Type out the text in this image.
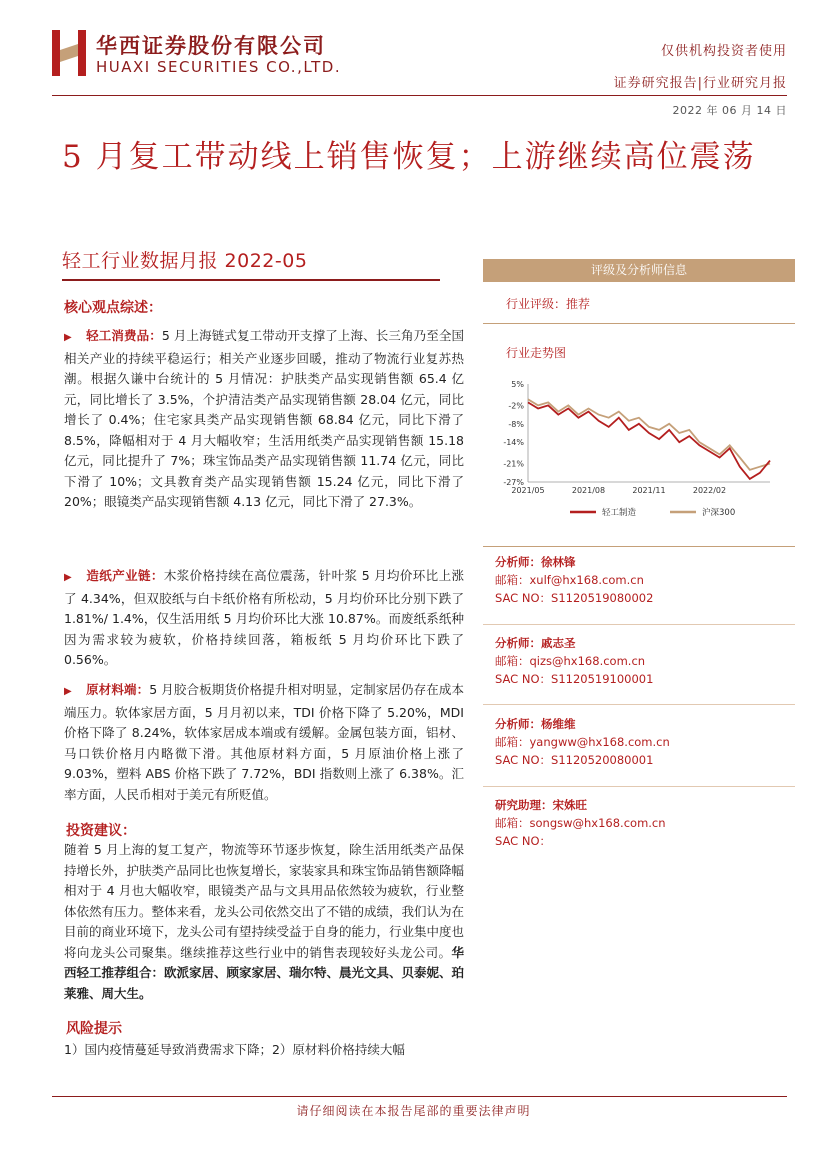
华西证券股份有限公司
HUAXI SECURITIES CO.,LTD.
仅供机构投资者使用
证券研究报告|行业研究月报
2022 年 06 月 14 日
5 月复工带动线上销售恢复；上游继续高位震荡
轻工行业数据月报 2022-05
核心观点综述：
▶ 轻工消费品：5 月上海链式复工带动开支撑了上海、长三角乃至全国相关产业的持续平稳运行；相关产业逐步回暖，推动了物流行业复苏热潮。根据久谦中台统计的 5 月情况：护肤类产品实现销售额 65.4 亿元，同比增长了 3.5%，个护清洁类产品实现销售额 28.04 亿元，同比增长了 0.4%；住宅家具类产品实现销售额 68.84 亿元，同比下滑了 8.5%，降幅相对于 4 月大幅收窄；生活用纸类产品实现销售额 15.18 亿元，同比提升了 7%；珠宝饰品类产品实现销售额 11.74 亿元，同比下滑了 10%；文具教育类产品实现销售额 15.24 亿元，同比下滑了 20%；眼镜类产品实现销售额 4.13 亿元，同比下滑了 27.3%。
▶ 造纸产业链：木浆价格持续在高位震荡，针叶浆 5 月均价环比上涨了 4.34%，但双胶纸与白卡纸价格有所松动，5 月均价环比分别下跌了 1.81%/ 1.4%，仅生活用纸 5 月均价环比大涨 10.87%。而废纸系纸种因为需求较为疲软，价格持续回落，箱板纸 5 月均价环比下跌了 0.56%。
▶ 原材料端：5 月胶合板期货价格提升相对明显，定制家居仍存在成本端压力。软体家居方面，5 月月初以来，TDI 价格下降了 5.20%，MDI 价格下降了 8.24%，软体家居成本端或有缓解。金属包装方面，铝材、马口铁价格月内略微下滑。其他原材料方面，5 月原油价格上涨了 9.03%，塑料 ABS 价格下跌了 7.72%，BDI 指数则上涨了 6.38%。汇率方面，人民币相对于美元有所贬值。
投资建议：
随着 5 月上海的复工复产，物流等环节逐步恢复，除生活用纸类产品保持增长外，护肤类产品同比也恢复增长，家装家具和珠宝饰品销售额降幅相对于 4 月也大幅收窄，眼镜类产品与文具用品依然较为疲软，行业整体依然有压力。整体来看，龙头公司依然交出了不错的成绩，我们认为在目前的商业环境下，龙头公司有望持续受益于自身的能力，行业集中度也将向龙头公司聚集。继续推荐这些行业中的销售表现较好头龙公司。华西轻工推荐组合：欧派家居、顾家家居、瑞尔特、晨光文具、贝泰妮、珀莱雅、周大生。
风险提示
1）国内疫情蔓延导致消费需求下降；2）原材料价格持续大幅
评级及分析师信息
行业评级：推荐
行业走势图
5%
-2%
-8%
-14%
-21%
-27%
2021/05	2021/08	2021/11	2022/02
轻工制造	沪深300
分析师：徐林锋
邮箱：xulf@hx168.com.cn
SAC NO：S1120519080002
分析师：戚志圣
邮箱：qizs@hx168.com.cn
SAC NO：S1120519100001
分析师：杨维维
邮箱：yangww@hx168.com.cn
SAC NO：S1120520080001
研究助理：宋姝旺
邮箱：songsw@hx168.com.cn
SAC NO：
请仔细阅读在本报告尾部的重要法律声明
